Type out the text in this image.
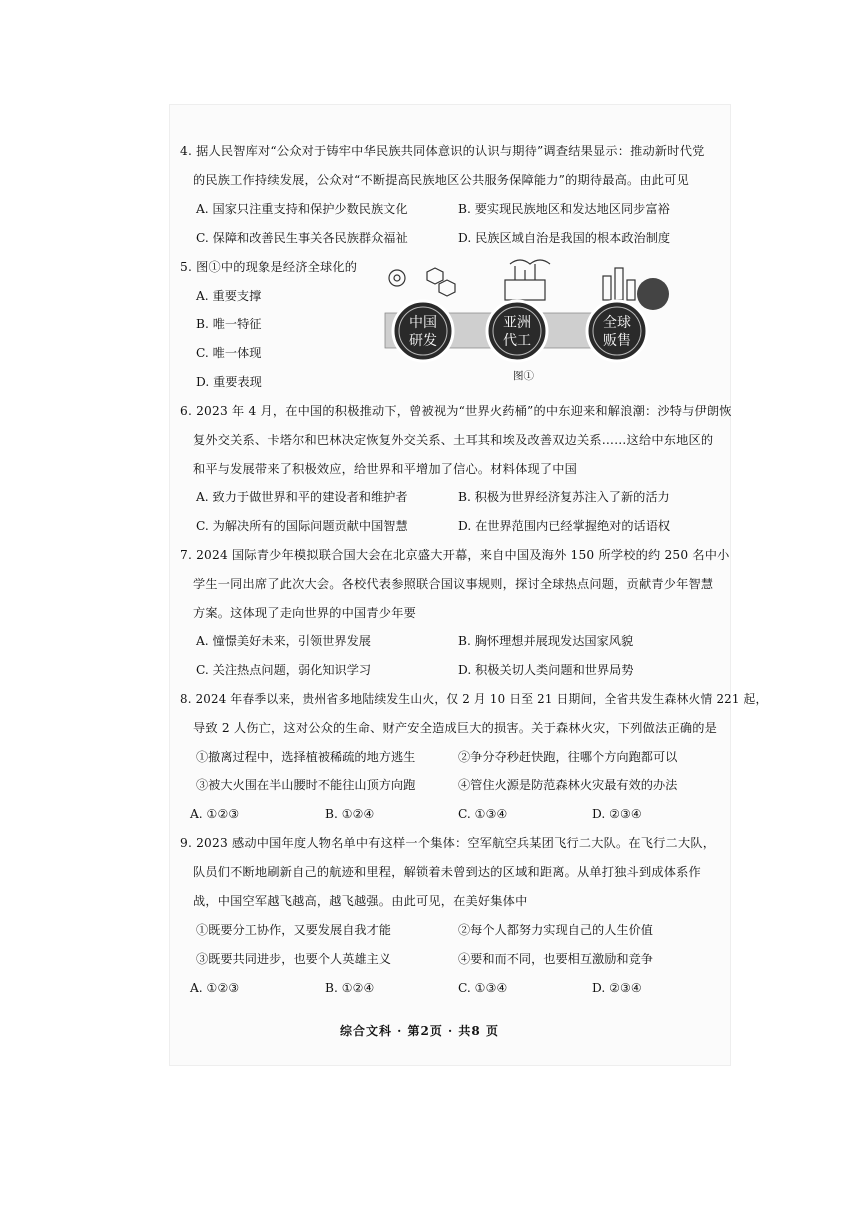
4. 据人民智库对“公众对于铸牢中华民族共同体意识的认识与期待”调查结果显示：推动新时代党
的民族工作持续发展，公众对“不断提高民族地区公共服务保障能力”的期待最高。由此可见
A. 国家只注重支持和保护少数民族文化	B. 要实现民族地区和发达地区同步富裕
C. 保障和改善民生事关各民族群众福祉	D. 民族区域自治是我国的根本政治制度
5. 图①中的现象是经济全球化的
A. 重要支撑
B. 唯一特征
C. 唯一体现
D. 重要表现
中国
研发
亚洲
代工
全球
贩售
图①
6. 2023 年 4 月，在中国的积极推动下，曾被视为“世界火药桶”的中东迎来和解浪潮：沙特与伊朗恢
复外交关系、卡塔尔和巴林决定恢复外交关系、土耳其和埃及改善双边关系……这给中东地区的
和平与发展带来了积极效应，给世界和平增加了信心。材料体现了中国
A. 致力于做世界和平的建设者和维护者	B. 积极为世界经济复苏注入了新的活力
C. 为解决所有的国际问题贡献中国智慧	D. 在世界范围内已经掌握绝对的话语权
7. 2024 国际青少年模拟联合国大会在北京盛大开幕，来自中国及海外 150 所学校的约 250 名中小
学生一同出席了此次大会。各校代表参照联合国议事规则，探讨全球热点问题，贡献青少年智慧
方案。这体现了走向世界的中国青少年要
A. 憧憬美好未来，引领世界发展	B. 胸怀理想并展现发达国家风貌
C. 关注热点问题，弱化知识学习	D. 积极关切人类问题和世界局势
8. 2024 年春季以来，贵州省多地陆续发生山火，仅 2 月 10 日至 21 日期间，全省共发生森林火情 221 起，
导致 2 人伤亡，这对公众的生命、财产安全造成巨大的损害。关于森林火灾，下列做法正确的是
①撤离过程中，选择植被稀疏的地方逃生	②争分夺秒赶快跑，往哪个方向跑都可以
③被大火围在半山腰时不能往山顶方向跑	④管住火源是防范森林火灾最有效的办法
A. ①②③	B. ①②④	C. ①③④	D. ②③④
9. 2023 感动中国年度人物名单中有这样一个集体：空军航空兵某团飞行二大队。在飞行二大队，
队员们不断地刷新自己的航迹和里程，解锁着未曾到达的区域和距离。从单打独斗到成体系作
战，中国空军越飞越高，越飞越强。由此可见，在美好集体中
①既要分工协作，又要发展自我才能	②每个人都努力实现自己的人生价值
③既要共同进步，也要个人英雄主义	④要和而不同，也要相互激励和竞争
A. ①②③	B. ①②④	C. ①③④	D. ②③④
综合文科 · 第2页 · 共8 页
